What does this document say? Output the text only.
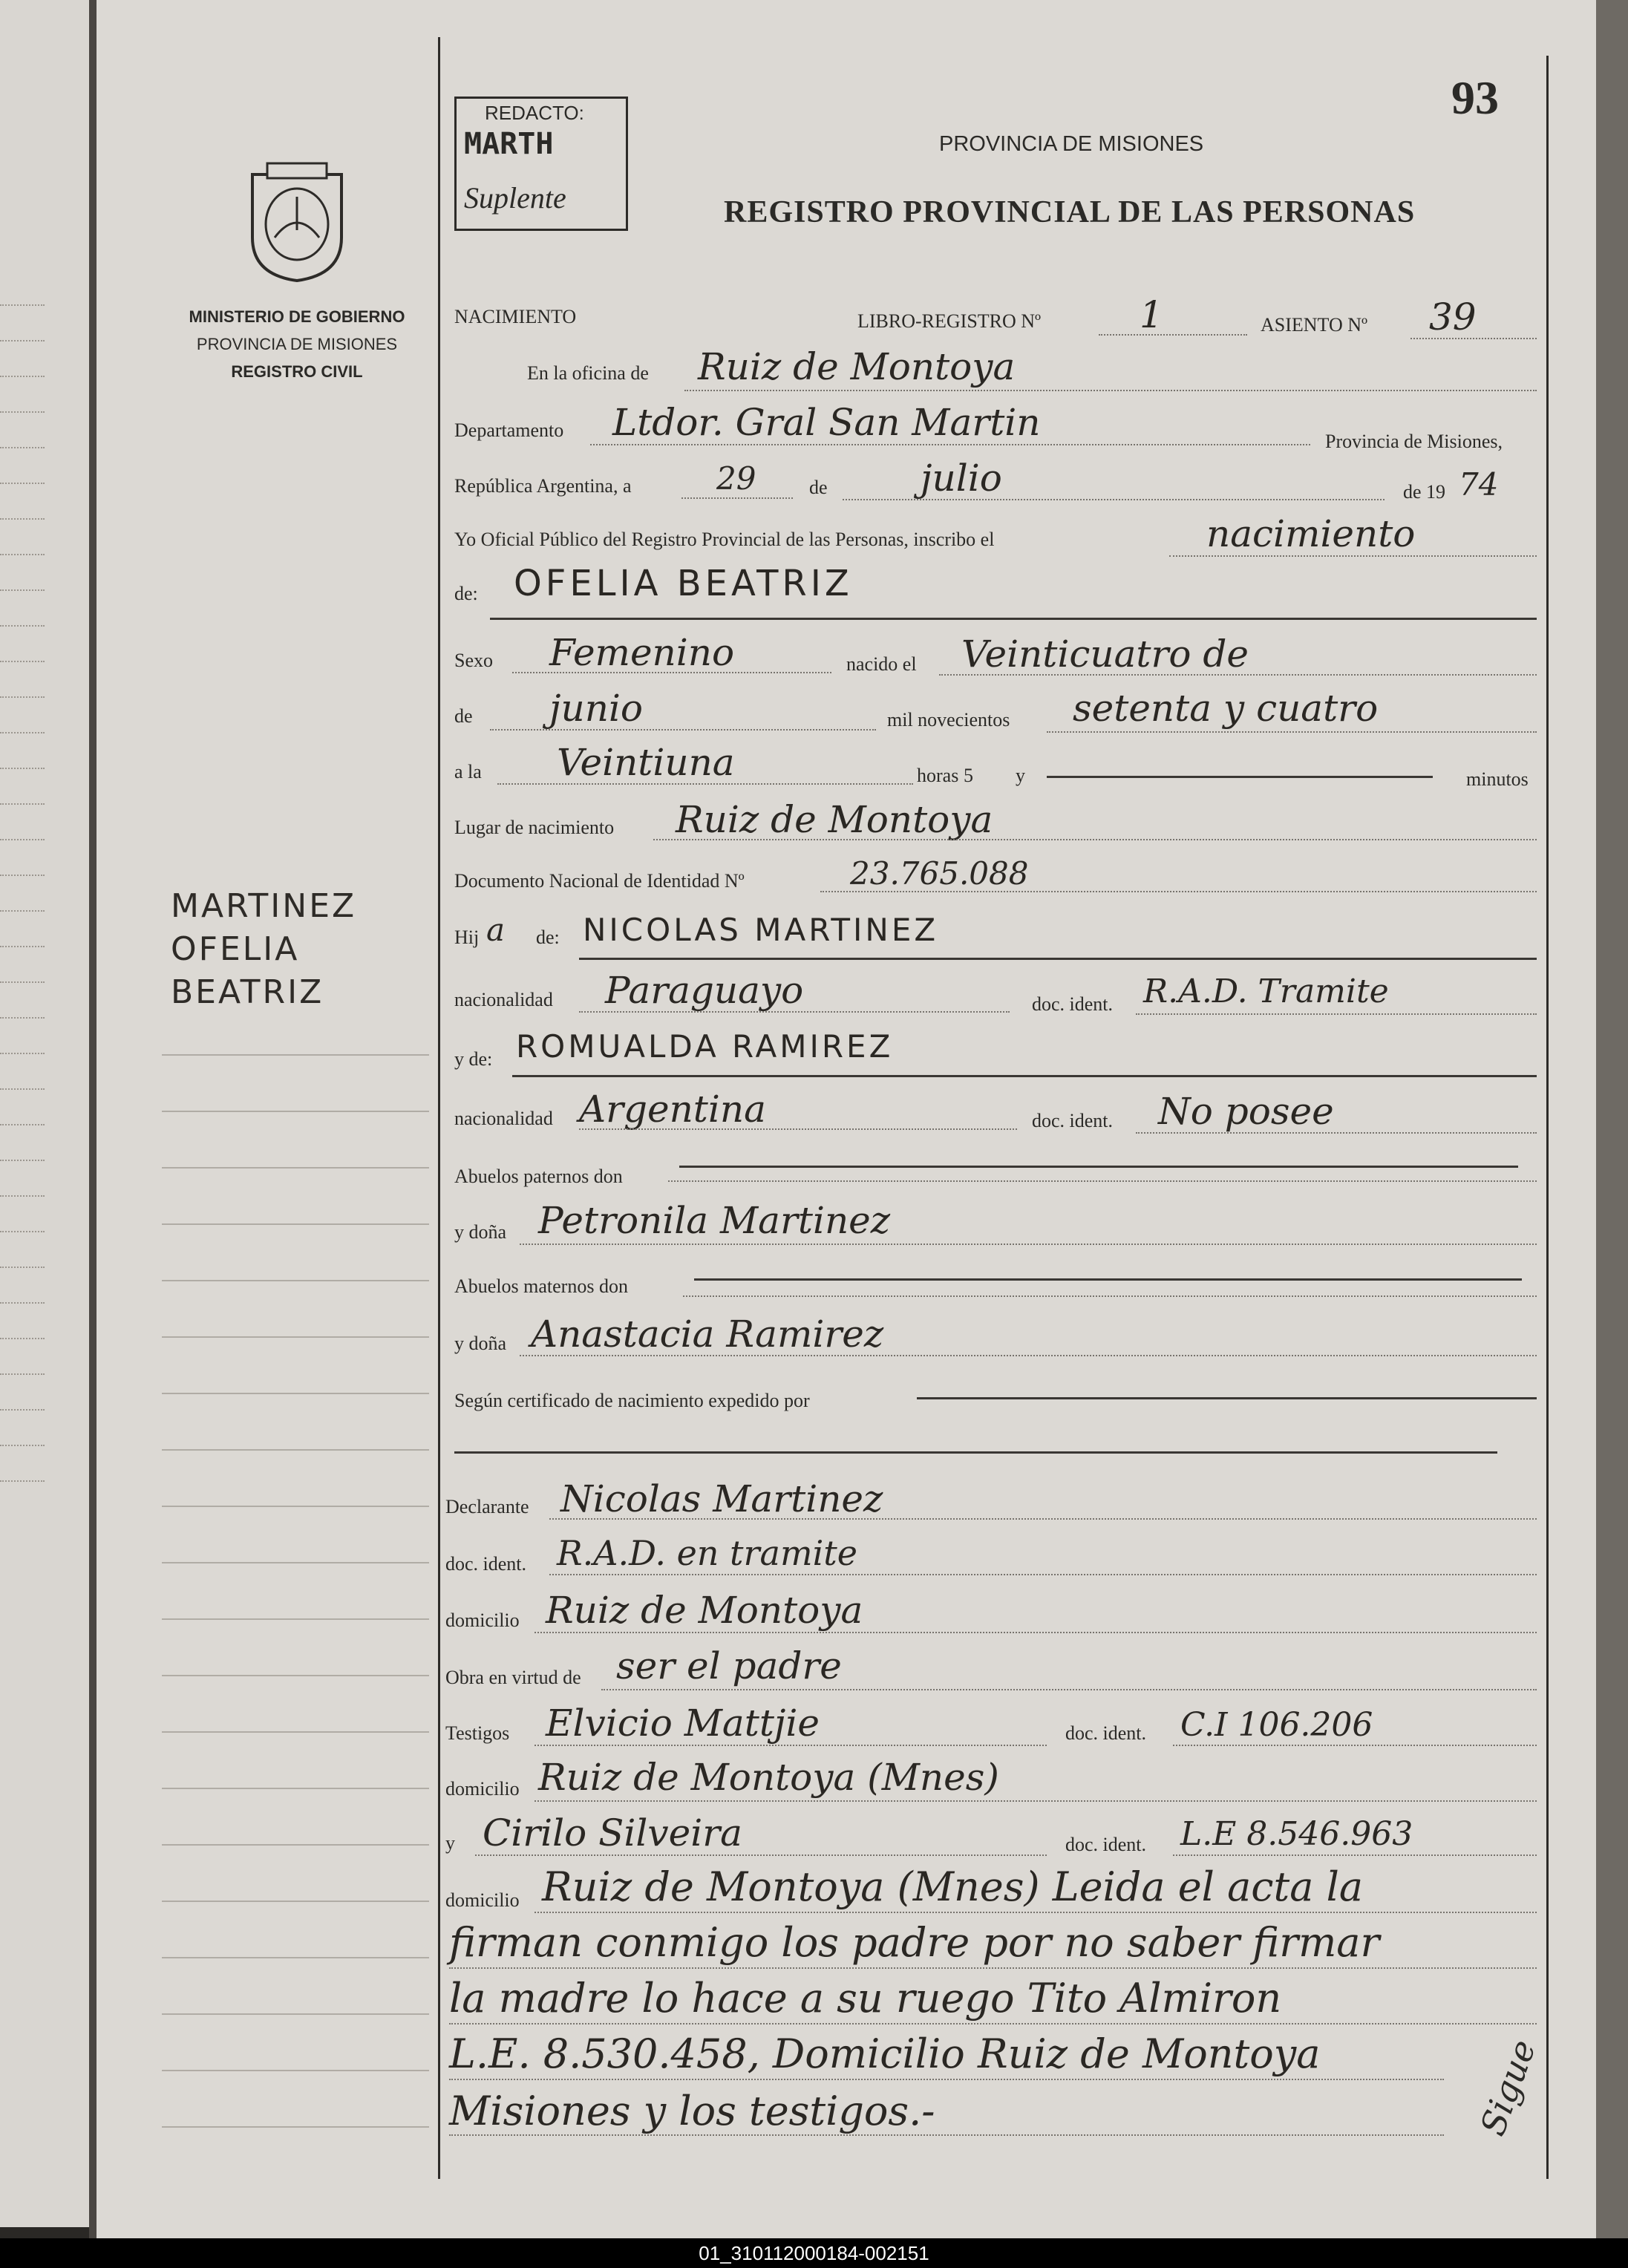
93
REDACTO:
MARTH
Suplente
PROVINCIA DE MISIONES
REGISTRO PROVINCIAL DE LAS PERSONAS
MINISTERIO DE GOBIERNO
PROVINCIA DE MISIONES
REGISTRO CIVIL
MARTINEZ
OFELIA
BEATRIZ
NACIMIENTO	LIBRO-REGISTRO Nº	1	ASIENTO Nº 39
En la oficina de Ruiz de Montoya
Departamento Ltdor. Gral San Martin	Provincia de Misiones,
República Argentina, a	29	de	julio	de 19 74
Yo Oficial Público del Registro Provincial de las Personas, inscribo el	nacimiento
de: OFELIA BEATRIZ
Sexo Femenino	nacido el Veinticuatro de
de junio	mil novecientos setenta y cuatro
a la Veintiuna	horas 5 y	minutos
Lugar de nacimiento Ruiz de Montoya
Documento Nacional de Identidad Nº	23.765.088
Hij a de: NICOLAS MARTINEZ
nacionalidad Paraguayo	doc. ident. R.A.D. Tramite
y de: ROMUALDA RAMIREZ
nacionalidad Argentina	doc. ident. No posee
Abuelos paternos don
y doña Petronila Martinez
Abuelos maternos don
y doña Anastacia Ramirez
Según certificado de nacimiento expedido por
Declarante Nicolas Martinez
doc. ident. R.A.D. en tramite
domicilio Ruiz de Montoya
Obra en virtud de ser el padre
Testigos Elvicio Mattjie	doc. ident. C.I 106.206
domicilio Ruiz de Montoya (Mnes)
y Cirilo Silveira	doc. ident. L.E 8.546.963
domicilio Ruiz de Montoya (Mnes) Leida el acta la
firman conmigo los padre por no saber firmar
la madre lo hace a su ruego Tito Almiron
L.E. 8.530.458, Domicilio Ruiz de Montoya
Misiones y los testigos.-	Sigue
01_310112000184-002151
